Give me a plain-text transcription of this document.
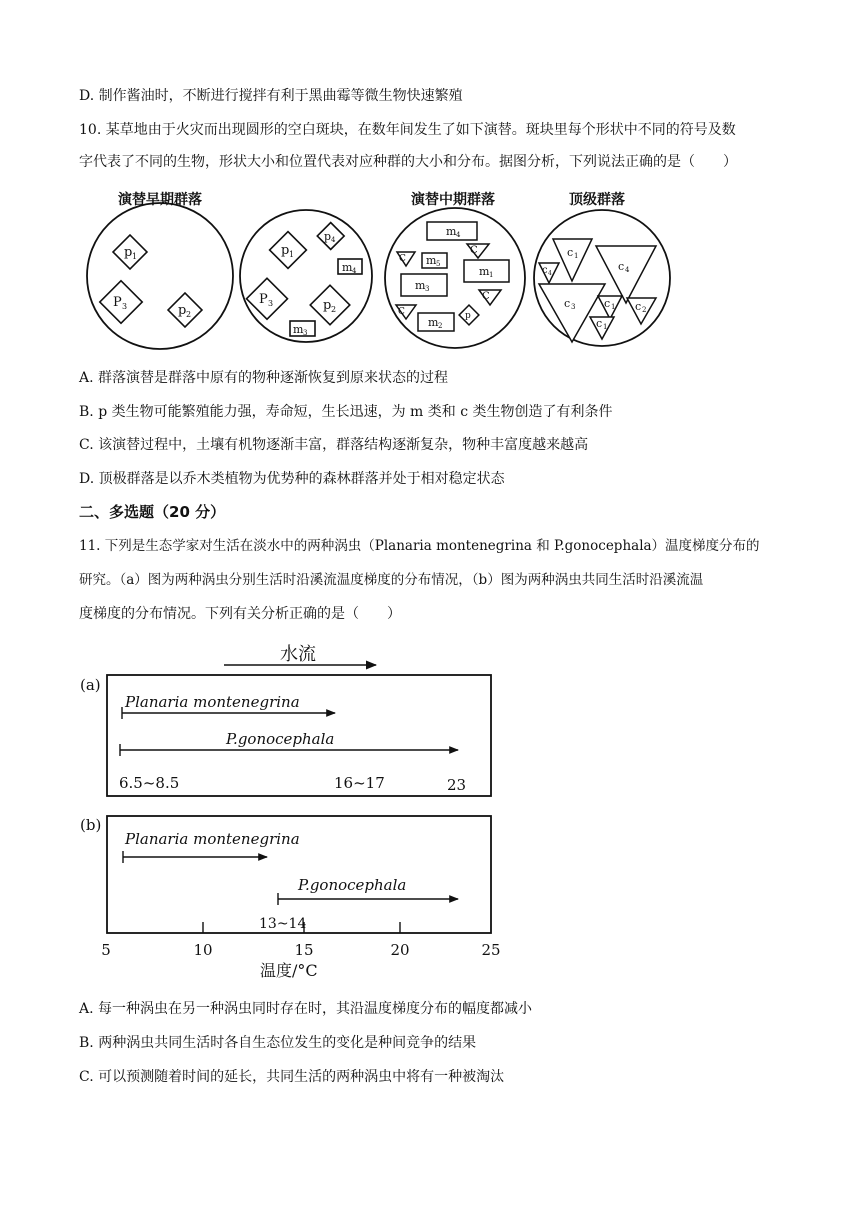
D. 制作酱油时，不断进行搅拌有利于黑曲霉等微生物快速繁殖
10. 某草地由于火灾而出现圆形的空白斑块，在数年间发生了如下演替。斑块里每个形状中不同的符号及数
字代表了不同的生物，形状大小和位置代表对应种群的大小和分布。据图分析，下列说法正确的是（　　）
演替早期群落	演替中期群落	顶级群落
p 1
P 3	p 2
p 1
p 4
m 4
P 3	p 2
m 3
m 4
C
C m 5
m 1
m 3
C
C
m 2
p
c 1
c 4
c 4
c 3	c 1 c 2
c 1
A. 群落演替是群落中原有的物种逐渐恢复到原来状态的过程
B. p 类生物可能繁殖能力强，寿命短，生长迅速，为 m 类和 c 类生物创造了有利条件
C. 该演替过程中，土壤有机物逐渐丰富，群落结构逐渐复杂，物种丰富度越来越高
D. 顶极群落是以乔木类植物为优势种的森林群落并处于相对稳定状态
二、多选题（20 分）
11. 下列是生态学家对生活在淡水中的两种涡虫（Planaria montenegrina 和 P.gonocephala）温度梯度分布的
研究。（a）图为两种涡虫分别生活时沿溪流温度梯度的分布情况，（b）图为两种涡虫共同生活时沿溪流温
度梯度的分布情况。下列有关分析正确的是（　　）
水流
(a)
Planaria montenegrina
P.gonocephala
6.5~8.5	16~17	23
(b)
Planaria montenegrina
P.gonocephala
13~14
5	10	15	20	25
温度/°C
A. 每一种涡虫在另一种涡虫同时存在时，其沿温度梯度分布的幅度都减小
B. 两种涡虫共同生活时各自生态位发生的变化是种间竞争的结果
C. 可以预测随着时间的延长，共同生活的两种涡虫中将有一种被淘汰
